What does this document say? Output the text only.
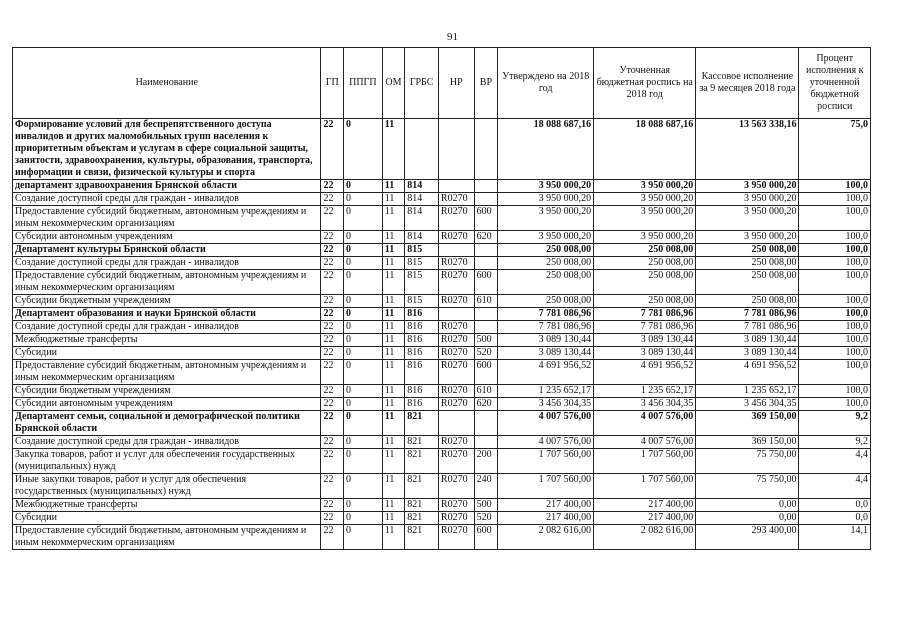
91
Наименование	ГП	ППГП	ОМ	ГРБС	НР	ВР	Утверждено на 2018 год	Уточненная бюджетная роспись на 2018 год	Кассовое исполнение за 9 месяцев 2018 года	Процент исполнения к уточненной бюджетной росписи
Формирование условий для беспрепятственного доступа инвалидов и других маломобильных групп населения к приоритетным объектам и услугам в сфере социальной защиты, занятости, здравоохранения, культуры, образования, транспорта, информации и связи, физической культуры и спорта	22	0	11				18 088 687,16	18 088 687,16	13 563 338,16	75,0
департамент здравоохранения Брянской области	22	0	11	814			3 950 000,20	3 950 000,20	3 950 000,20	100,0
Создание доступной среды для граждан - инвалидов	22	0	11	814	R0270		3 950 000,20	3 950 000,20	3 950 000,20	100,0
Предоставление субсидий бюджетным, автономным учреждениям и иным некоммерческим организациям	22	0	11	814	R0270	600	3 950 000,20	3 950 000,20	3 950 000,20	100,0
Субсидии автономным учреждениям	22	0	11	814	R0270	620	3 950 000,20	3 950 000,20	3 950 000,20	100,0
Департамент культуры Брянской области	22	0	11	815			250 008,00	250 008,00	250 008,00	100,0
Создание доступной среды для граждан - инвалидов	22	0	11	815	R0270		250 008,00	250 008,00	250 008,00	100,0
Предоставление субсидий бюджетным, автономным учреждениям и иным некоммерческим организациям	22	0	11	815	R0270	600	250 008,00	250 008,00	250 008,00	100,0
Субсидии бюджетным учреждениям	22	0	11	815	R0270	610	250 008,00	250 008,00	250 008,00	100,0
Департамент образования и науки Брянской области	22	0	11	816			7 781 086,96	7 781 086,96	7 781 086,96	100,0
Создание доступной среды для граждан - инвалидов	22	0	11	816	R0270		7 781 086,96	7 781 086,96	7 781 086,96	100,0
Межбюджетные трансферты	22	0	11	816	R0270	500	3 089 130,44	3 089 130,44	3 089 130,44	100,0
Субсидии	22	0	11	816	R0270	520	3 089 130,44	3 089 130,44	3 089 130,44	100,0
Предоставление субсидий бюджетным, автономным учреждениям и иным некоммерческим организациям	22	0	11	816	R0270	600	4 691 956,52	4 691 956,52	4 691 956,52	100,0
Субсидии бюджетным учреждениям	22	0	11	816	R0270	610	1 235 652,17	1 235 652,17	1 235 652,17	100,0
Субсидии автономным учреждениям	22	0	11	816	R0270	620	3 456 304,35	3 456 304,35	3 456 304,35	100,0
Департамент семьи, социальной и демографической политики Брянской области	22	0	11	821			4 007 576,00	4 007 576,00	369 150,00	9,2
Создание доступной среды для граждан - инвалидов	22	0	11	821	R0270		4 007 576,00	4 007 576,00	369 150,00	9,2
Закупка товаров, работ и услуг для обеспечения государственных (муниципальных) нужд	22	0	11	821	R0270	200	1 707 560,00	1 707 560,00	75 750,00	4,4
Иные закупки товаров, работ и услуг для обеспечения государственных (муниципальных) нужд	22	0	11	821	R0270	240	1 707 560,00	1 707 560,00	75 750,00	4,4
Межбюджетные трансферты	22	0	11	821	R0270	500	217 400,00	217 400,00	0,00	0,0
Субсидии	22	0	11	821	R0270	520	217 400,00	217 400,00	0,00	0,0
Предоставление субсидий бюджетным, автономным учреждениям и иным некоммерческим организациям	22	0	11	821	R0270	600	2 082 616,00	2 082 616,00	293 400,00	14,1
